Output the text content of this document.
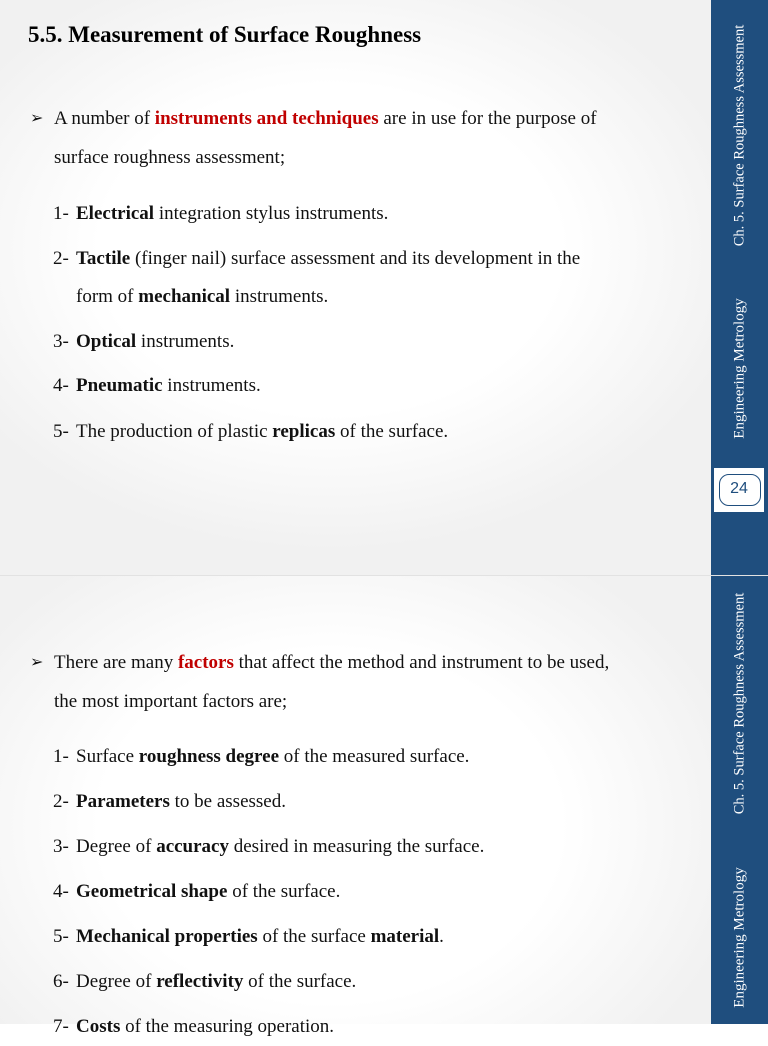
5.5. Measurement of Surface Roughness
➢ A number of instruments and techniques are in use for the purpose of
surface roughness assessment;
1-Electrical integration stylus instruments.
2-Tactile (finger nail) surface assessment and its development in the
form of mechanical instruments.
3-Optical instruments.
4-Pneumatic instruments.
5-The production of plastic replicas of the surface.
Ch. 5. Surface Roughness Assessment
Engineering Metrology
24
➢ There are many factors that affect the method and instrument to be used,
the most important factors are;
1-Surface roughness degree of the measured surface.
2-Parameters to be assessed.
3-Degree of accuracy desired in measuring the surface.
4-Geometrical shape of the surface.
5-Mechanical properties of the surface material.
6-Degree of reflectivity of the surface.
7-Costs of the measuring operation.
Ch. 5. Surface Roughness Assessment
Engineering Metrology
